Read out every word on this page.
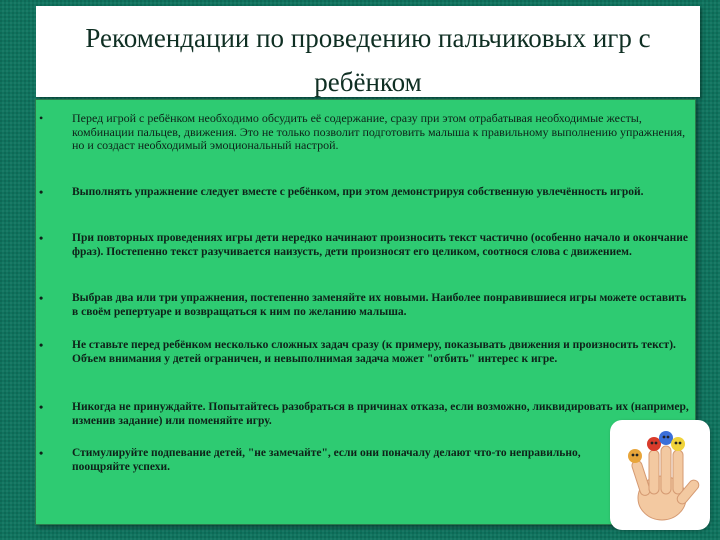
Рекомендации по проведению пальчиковых игр с ребёнком
• Перед игрой с ребёнком необходимо обсудить её содержание, сразу при этом отрабатывая необходимые жесты, комбинации пальцев, движения. Это не только позволит подготовить малыша к правильному выполнению упражнения, но и создаст необходимый эмоциональный настрой.
•	Выполнять упражнение следует вместе с ребёнком, при этом демонстрируя собственную увлечённость игрой.
•	При повторных проведениях игры дети нередко начинают произносить текст частично (особенно начало и окончание фраз). Постепенно текст разучивается наизусть, дети произносят его целиком, соотнося слова с движением.
•	Выбрав два или три упражнения, постепенно заменяйте их новыми. Наиболее понравившиеся игры можете оставить в своём репертуаре и возвращаться к ним по желанию малыша.
•	Не ставьте перед ребёнком несколько сложных задач сразу (к примеру, показывать движения и произносить текст). Объем внимания у детей ограничен, и невыполнимая задача может "отбить" интерес к игре.
•	Никогда не принуждайте. Попытайтесь разобраться в причинах отказа, если возможно, ликвидировать их (например, изменив задание) или поменяйте игру.
•	Стимулируйте подпевание детей, "не замечайте", если они поначалу делают что-то неправильно, поощряйте успехи.
